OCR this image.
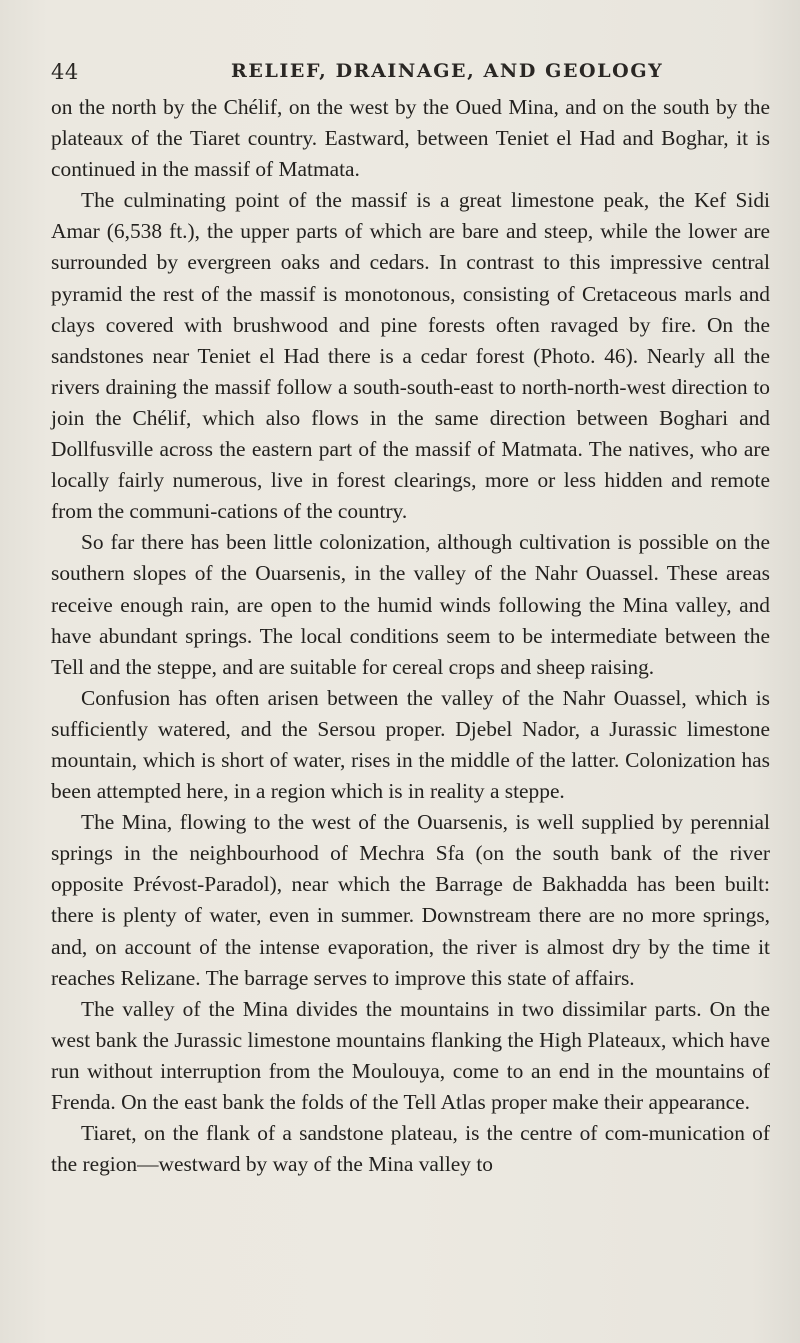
44	RELIEF, DRAINAGE, AND GEOLOGY

on the north by the Chélif, on the west by the Oued Mina, and on the south by the plateaux of the Tiaret country. Eastward, between Teniet el Had and Boghar, it is continued in the massif of Matmata.

The culminating point of the massif is a great limestone peak, the Kef Sidi Amar (6,538 ft.), the upper parts of which are bare and steep, while the lower are surrounded by evergreen oaks and cedars. In contrast to this impressive central pyramid the rest of the massif is monotonous, consisting of Cretaceous marls and clays covered with brushwood and pine forests often ravaged by fire. On the sandstones near Teniet el Had there is a cedar forest (Photo. 46). Nearly all the rivers draining the massif follow a south-south-east to north-north-west direction to join the Chélif, which also flows in the same direction between Boghari and Dollfusville across the eastern part of the massif of Matmata. The natives, who are locally fairly numerous, live in forest clearings, more or less hidden and remote from the communi-cations of the country.

So far there has been little colonization, although cultivation is possible on the southern slopes of the Ouarsenis, in the valley of the Nahr Ouassel. These areas receive enough rain, are open to the humid winds following the Mina valley, and have abundant springs. The local conditions seem to be intermediate between the Tell and the steppe, and are suitable for cereal crops and sheep raising.

Confusion has often arisen between the valley of the Nahr Ouassel, which is sufficiently watered, and the Sersou proper. Djebel Nador, a Jurassic limestone mountain, which is short of water, rises in the middle of the latter. Colonization has been attempted here, in a region which is in reality a steppe.

The Mina, flowing to the west of the Ouarsenis, is well supplied by perennial springs in the neighbourhood of Mechra Sfa (on the south bank of the river opposite Prévost-Paradol), near which the Barrage de Bakhadda has been built: there is plenty of water, even in summer. Downstream there are no more springs, and, on account of the intense evaporation, the river is almost dry by the time it reaches Relizane. The barrage serves to improve this state of affairs.

The valley of the Mina divides the mountains in two dissimilar parts. On the west bank the Jurassic limestone mountains flanking the High Plateaux, which have run without interruption from the Moulouya, come to an end in the mountains of Frenda. On the east bank the folds of the Tell Atlas proper make their appearance.

Tiaret, on the flank of a sandstone plateau, is the centre of com-munication of the region—westward by way of the Mina valley to
